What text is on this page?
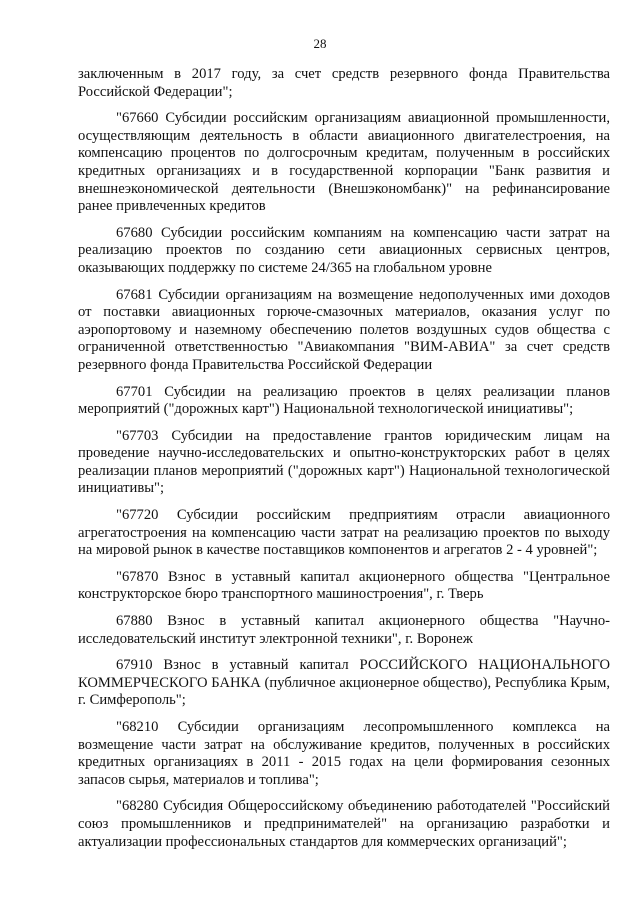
28

заключенным в 2017 году, за счет средств резервного фонда Правительства Российской Федерации";

"67660 Субсидии российским организациям авиационной промышленности, осуществляющим деятельность в области авиационного двигателестроения, на компенсацию процентов по долгосрочным кредитам, полученным в российских кредитных организациях и в государственной корпорации "Банк развития и внешнеэкономической деятельности (Внешэкономбанк)" на рефинансирование ранее привлеченных кредитов

67680 Субсидии российским компаниям на компенсацию части затрат на реализацию проектов по созданию сети авиационных сервисных центров, оказывающих поддержку по системе 24/365 на глобальном уровне

67681 Субсидии организациям на возмещение недополученных ими доходов от поставки авиационных горюче-смазочных материалов, оказания услуг по аэропортовому и наземному обеспечению полетов воздушных судов общества с ограниченной ответственностью "Авиакомпания "ВИМ-АВИА" за счет средств резервного фонда Правительства Российской Федерации

67701 Субсидии на реализацию проектов в целях реализации планов мероприятий ("дорожных карт") Национальной технологической инициативы";

"67703 Субсидии на предоставление грантов юридическим лицам на проведение научно-исследовательских и опытно-конструкторских работ в целях реализации планов мероприятий ("дорожных карт") Национальной технологической инициативы";

"67720 Субсидии российским предприятиям отрасли авиационного агрегатостроения на компенсацию части затрат на реализацию проектов по выходу на мировой рынок в качестве поставщиков компонентов и агрегатов 2 - 4 уровней";

"67870 Взнос в уставный капитал акционерного общества "Центральное конструкторское бюро транспортного машиностроения", г. Тверь

67880 Взнос в уставный капитал акционерного общества "Научно-исследовательский институт электронной техники", г. Воронеж

67910 Взнос в уставный капитал РОССИЙСКОГО НАЦИОНАЛЬНОГО КОММЕРЧЕСКОГО БАНКА (публичное акционерное общество), Республика Крым, г. Симферополь";

"68210 Субсидии организациям лесопромышленного комплекса на возмещение части затрат на обслуживание кредитов, полученных в российских кредитных организациях в 2011 - 2015 годах на цели формирования сезонных запасов сырья, материалов и топлива";

"68280 Субсидия Общероссийскому объединению работодателей "Российский союз промышленников и предпринимателей" на организацию разработки и актуализации профессиональных стандартов для коммерческих организаций";
